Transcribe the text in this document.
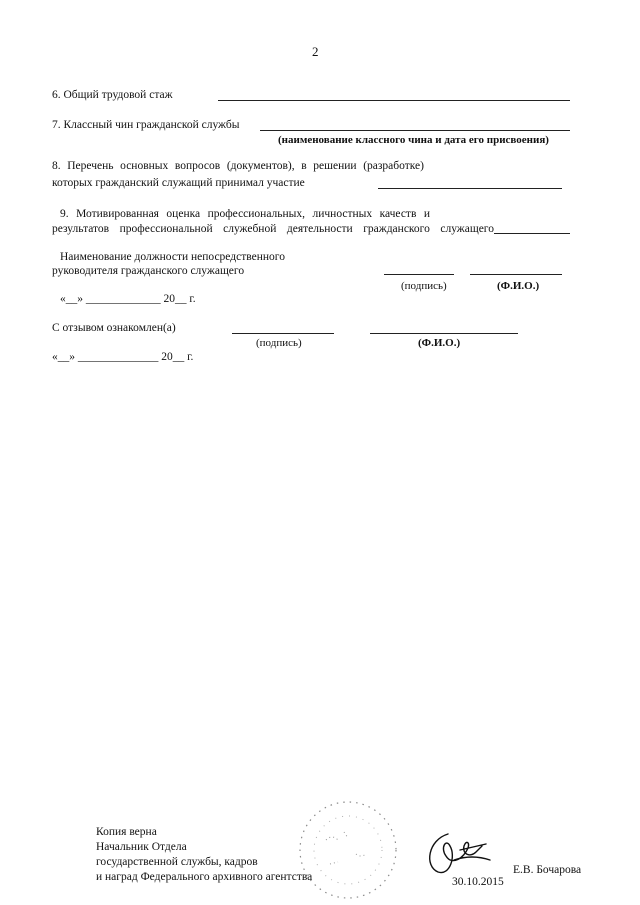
2
6. Общий трудовой стаж
7. Классный чин гражданской службы
(наименование классного чина и дата его присвоения)
8. Перечень основных вопросов (документов), в решении (разработке)
которых гражданский служащий принимал участие
9. Мотивированная оценка профессиональных, личностных качеств и
результатов профессиональной служебной деятельности гражданского служащего
Наименование должности непосредственного
руководителя гражданского служащего
(подпись)	(Ф.И.О.)
«__» _____________ 20__ г.
С отзывом ознакомлен(а)
(подпись)	(Ф.И.О.)
«__» ______________ 20__ г.
Копия верна
Начальник Отдела
государственной службы, кадров
и наград Федерального архивного агентства	30.10.2015
Е.В. Бочарова
